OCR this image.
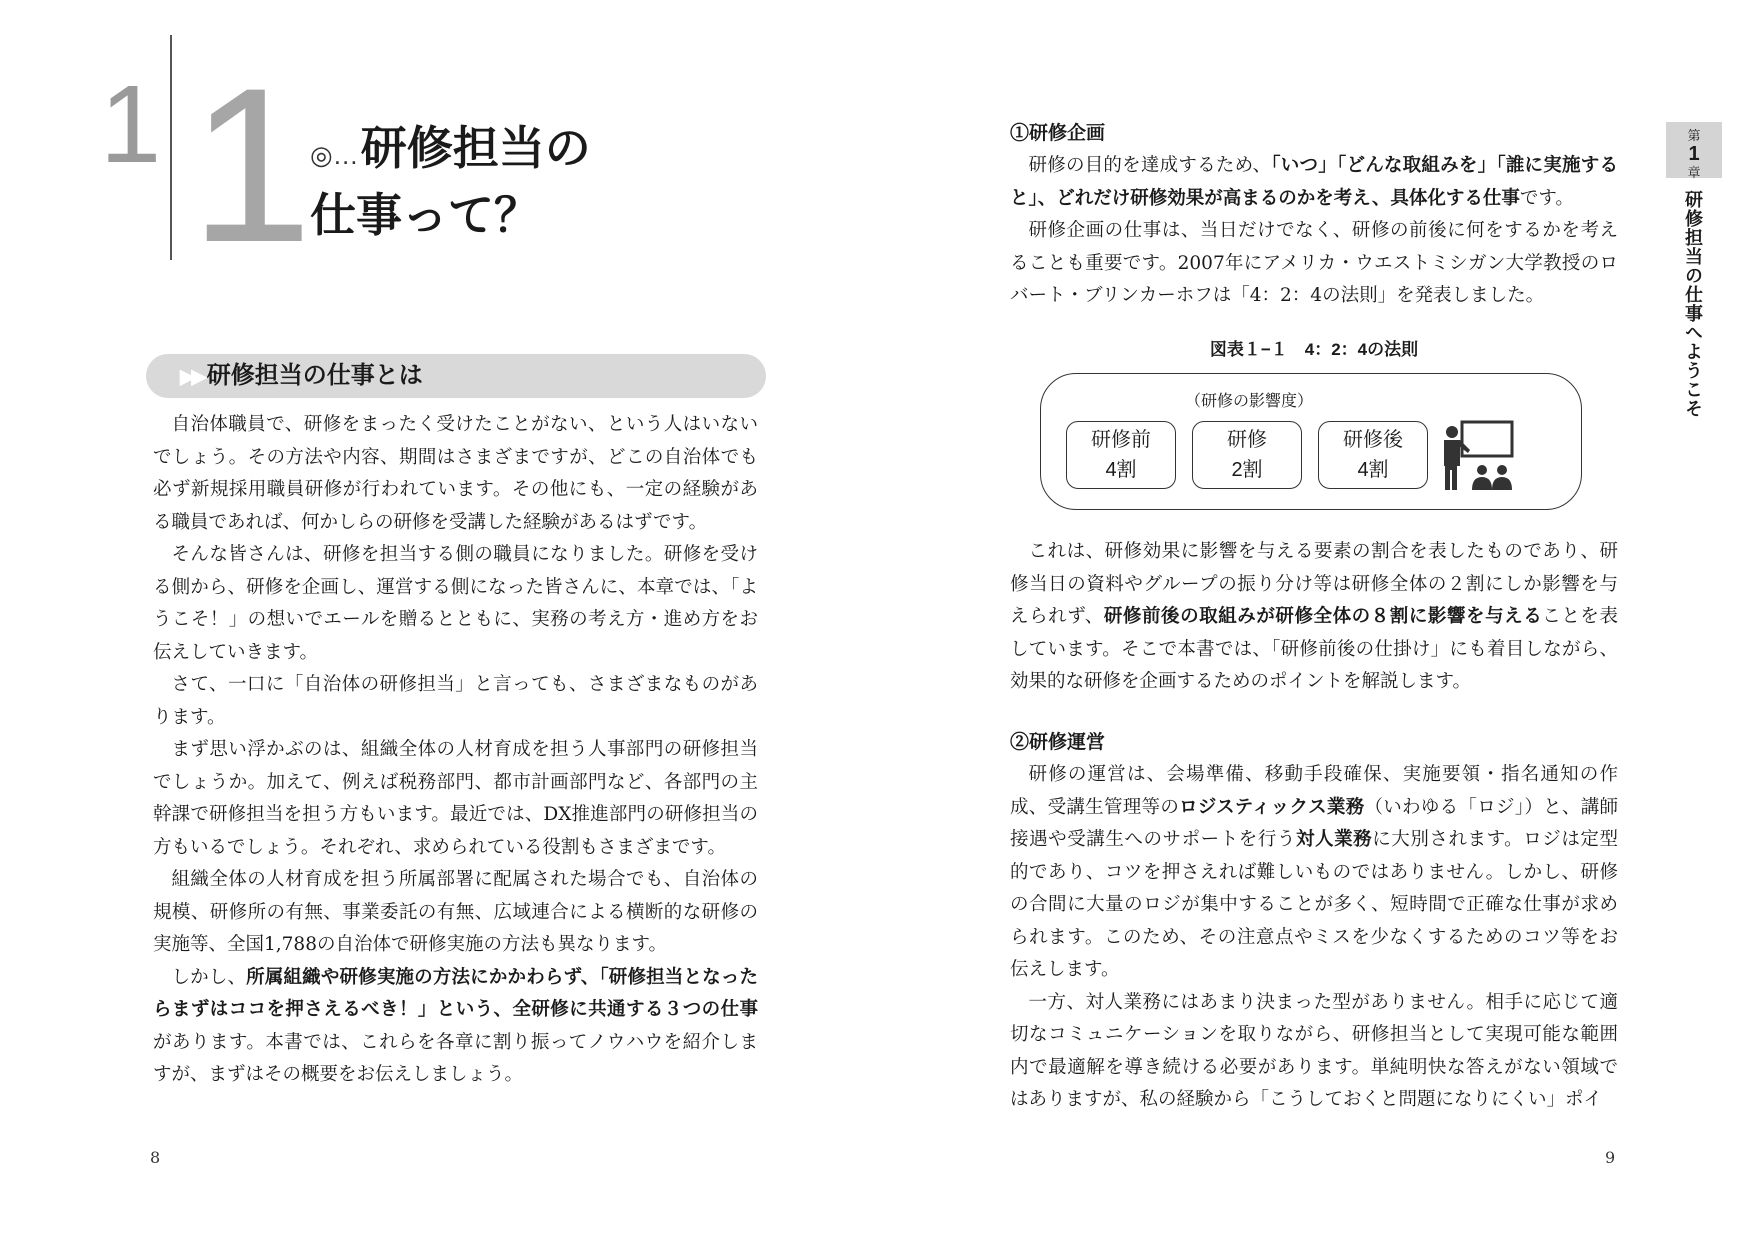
1 1
◎…研修担当の
仕事って？
▶▶ 研修担当の仕事とは

自治体職員で、研修をまったく受けたことがない、という人はいないでしょう。その方法や内容、期間はさまざまですが、どこの自治体でも必ず新規採用職員研修が行われています。その他にも、一定の経験がある職員であれば、何かしらの研修を受講した経験があるはずです。

そんな皆さんは、研修を担当する側の職員になりました。研修を受ける側から、研修を企画し、運営する側になった皆さんに、本章では、「ようこそ！」の想いでエールを贈るとともに、実務の考え方・進め方をお伝えしていきます。

さて、一口に「自治体の研修担当」と言っても、さまざまなものがあります。

まず思い浮かぶのは、組織全体の人材育成を担う人事部門の研修担当でしょうか。加えて、例えば税務部門、都市計画部門など、各部門の主幹課で研修担当を担う方もいます。最近では、DX推進部門の研修担当の方もいるでしょう。それぞれ、求められている役割もさまざまです。

組織全体の人材育成を担う所属部署に配属された場合でも、自治体の規模、研修所の有無、事業委託の有無、広域連合による横断的な研修の実施等、全国1,788の自治体で研修実施の方法も異なります。

しかし、所属組織や研修実施の方法にかかわらず、「研修担当となったらまずはココを押さえるべき！」という、全研修に共通する３つの仕事があります。本書では、これらを各章に割り振ってノウハウを紹介しますが、まずはその概要をお伝えしましょう。

8
①研修企画

研修の目的を達成するため、「いつ」「どんな取組みを」「誰に実施すると」、どれだけ研修効果が高まるのかを考え、具体化する仕事です。

研修企画の仕事は、当日だけでなく、研修の前後に何をするかを考えることも重要です。2007年にアメリカ・ウエストミシガン大学教授のロバート・ブリンカーホフは「4：2：4の法則」を発表しました。

図表１−１　4：2：4の法則
（研修の影響度）
研修前
4割
研修
2割
研修後
4割

これは、研修効果に影響を与える要素の割合を表したものであり、研修当日の資料やグループの振り分け等は研修全体の２割にしか影響を与えられず、研修前後の取組みが研修全体の８割に影響を与えることを表しています。そこで本書では、「研修前後の仕掛け」にも着目しながら、効果的な研修を企画するためのポイントを解説します。

②研修運営

研修の運営は、会場準備、移動手段確保、実施要領・指名通知の作成、受講生管理等のロジスティックス業務（いわゆる「ロジ」）と、講師接遇や受講生へのサポートを行う対人業務に大別されます。ロジは定型的であり、コツを押さえれば難しいものではありません。しかし、研修の合間に大量のロジが集中することが多く、短時間で正確な仕事が求められます。このため、その注意点やミスを少なくするためのコツ等をお伝えします。

一方、対人業務にはあまり決まった型がありません。相手に応じて適切なコミュニケーションを取りながら、研修担当として実現可能な範囲内で最適解を導き続ける必要があります。単純明快な答えがない領域ではありますが、私の経験から「こうしておくと問題になりにくい」ポイ

9
第
1
章
研修担当の仕事へようこそ
